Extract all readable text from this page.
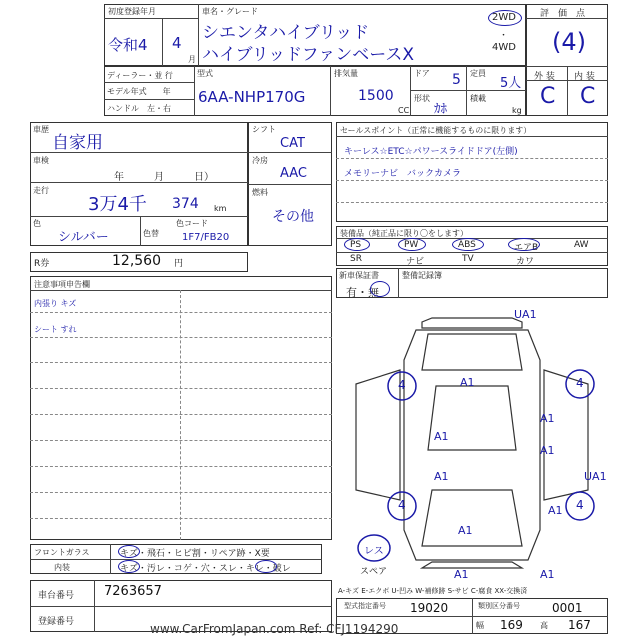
初度登録年月
令和4 4
月
車名・グレード
シエンタハイブリッド
ハイブリッドファンベースX
2WD
・
4WD
評　価　点
(4)
外 装 内 装
C C
ディーラー・並 行
モデル年式　　年
ハンドル　左・右
型式
6AA-NHP170G
排気量
1500
CC
ドア 5 定員
5人
形状
ｶﾎ
積載
kg
車歴
自家用
車検
年　　　月　　　日）
走行
3万4千 374 km
色
シルバー	色替
色コード
1F7/FB20
シフト
CAT
冷房
AAC
燃料
その他
セールスポイント（正常に機能するものに限ります）
キーレス☆ETC☆パワースライドドア(左側)
メモリーナビ　バックカメラ
装備品（純正品に限り〇をします）
PS	PW	ABS	エアB	AW
SR	ナビ	TV	カワ
新車保証書	整備記録簿
有・無
R券	12,560 円
注意事項申告欄
内張り キズ
シート すれ
UA1
4	4
A1
A1
A1
A1
UA1
A1
4	4
A1
A1
A1	A1
レス
スペア
フロントガラス	キズ・飛石・ヒビ割・リペア跡・X要
内装	キズ・汚レ・コゲ・穴・スレ・キレ・破レ
車台番号 7263657
登録番号
A-キズ E-エクボ U-凹み W-補修跡 S-サビ C-腐食 XX-交換済
型式指定番号 19020	類別区分番号	0001
幅 169 高 167
www.CarFromJapan.com Ref: CFJ1194290
